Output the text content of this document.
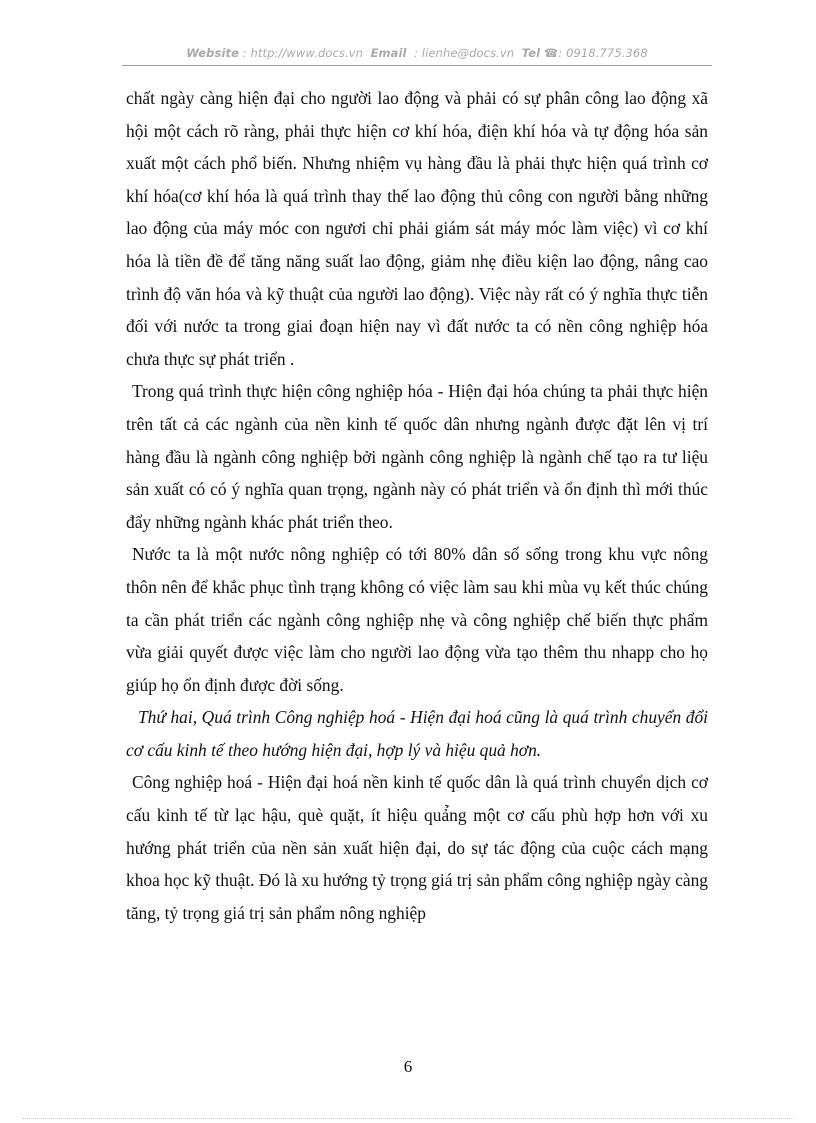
Website : http://www.docs.vn Email : lienhe@docs.vn Tel ☎: 0918.775.368

chất ngày càng hiện đại cho người lao động và phải có sự phân công lao động xã hội một cách rõ ràng, phải thực hiện cơ khí hóa, điện khí hóa và tự động hóa sản xuất một cách phổ biến. Nhưng nhiệm vụ hàng đầu là phải thực hiện quá trình cơ khí hóa(cơ khí hóa là quá trình thay thế lao động thủ công con người bằng những lao động của máy móc con ngươi chỉ phải giám sát máy móc làm việc) vì cơ khí hóa là tiền đề để tăng năng suất lao động, giảm nhẹ điều kiện lao động, nâng cao trình độ văn hóa và kỹ thuật của người lao động). Việc này rất có ý nghĩa thực tiễn đối với nước ta trong giai đoạn hiện nay vì đất nước ta có nền công nghiệp hóa chưa thực sự phát triển .

Trong quá trình thực hiện công nghiệp hóa - Hiện đại hóa chúng ta phải thực hiện trên tất cả các ngành của nền kinh tế quốc dân nhưng ngành được đặt lên vị trí hàng đầu là ngành công nghiệp bởi ngành công nghiệp là ngành chế tạo ra tư liệu sản xuất có có ý nghĩa quan trọng, ngành này có phát triển và ổn định thì mới thúc đẩy những ngành khác phát triển theo.

Nước ta là một nước nông nghiệp có tới 80% dân số sống trong khu vực nông thôn nên để khắc phục tình trạng không có việc làm sau khi mùa vụ kết thúc chúng ta cần phát triển các ngành công nghiệp nhẹ và công nghiệp chế biến thực phẩm vừa giải quyết được việc làm cho người lao động vừa tạo thêm thu nhapp cho họ giúp họ ổn định được đời sống.

Thứ hai, Quá trình Công nghiệp hoá - Hiện đại hoá cũng là quá trình chuyển đổi cơ cấu kinh tế theo hướng hiện đại, hợp lý và hiệu quả hơn.

Công nghiệp hoá - Hiện đại hoá nền kinh tế quốc dân là quá trình chuyển dịch cơ cấu kinh tế từ lạc hậu, què quặt, ít hiệu quả̉ng một cơ cấu phù hợp hơn với xu hướng phát triển của nền sản xuất hiện đại, do sự tác động của cuộc cách mạng khoa học kỹ thuật. Đó là xu hướng tỷ trọng giá trị sản phẩm công nghiệp ngày càng tăng, tỷ trọng giá trị sản phẩm nông nghiệp

6
